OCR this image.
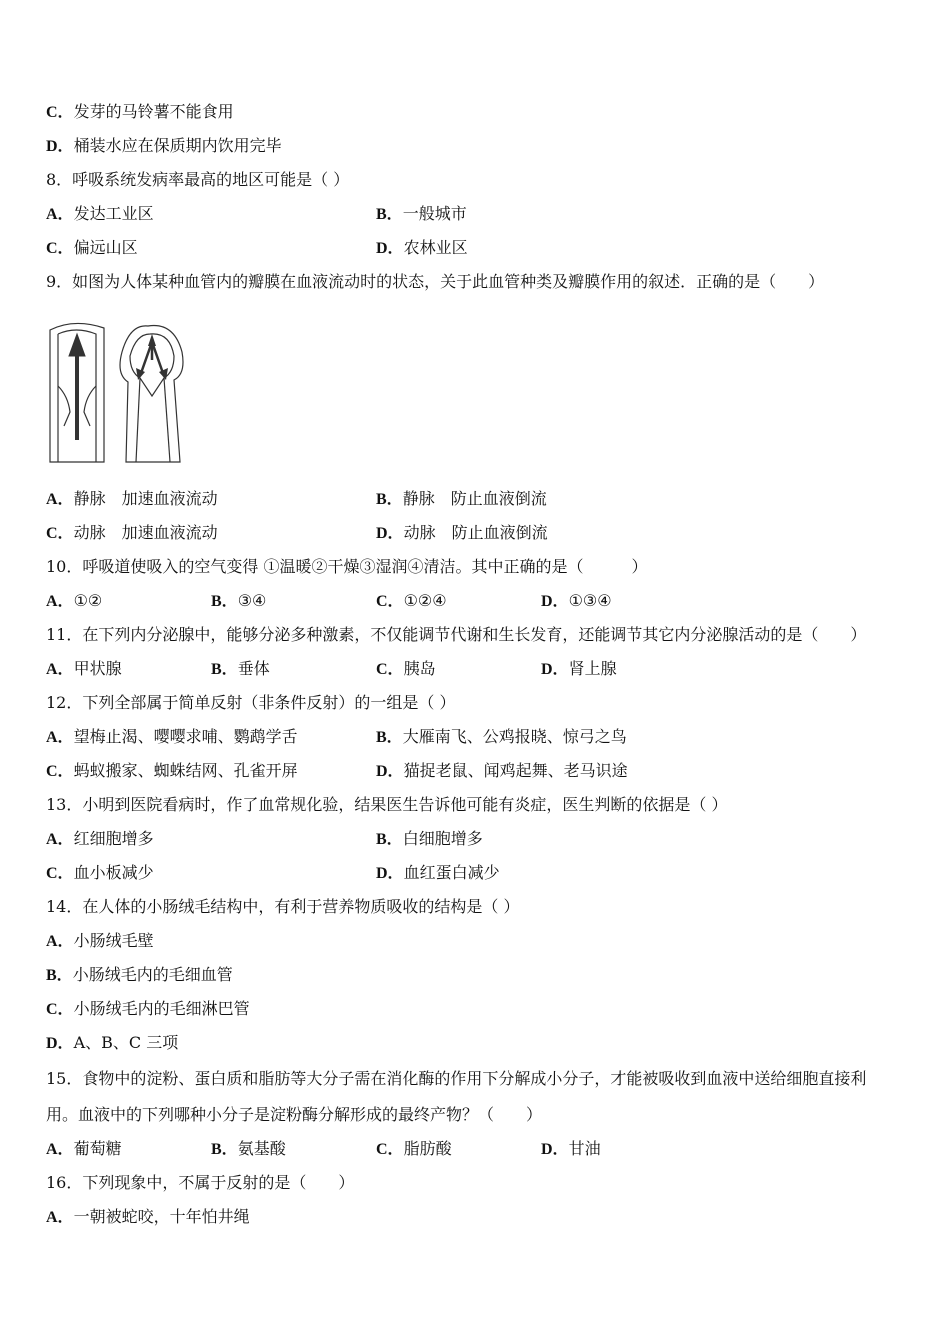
C．发芽的马铃薯不能食用
D．桶装水应在保质期内饮用完毕
8．呼吸系统发病率最高的地区可能是（ ）
A．发达工业区	B．一般城市
C．偏远山区	D．农林业区
9．如图为人体某种血管内的瓣膜在血液流动时的状态，关于此血管种类及瓣膜作用的叙述．正确的是（　　）
A．静脉　加速血液流动	B．静脉　防止血液倒流
C．动脉　加速血液流动	D．动脉　防止血液倒流
10．呼吸道使吸入的空气变得 ①温暖②干燥③湿润④清洁。其中正确的是（　　　）
A．①②	B．③④	C．①②④	D．①③④
11．在下列内分泌腺中，能够分泌多种激素，不仅能调节代谢和生长发育，还能调节其它内分泌腺活动的是（　　）
A．甲状腺	B．垂体	C．胰岛	D．肾上腺
12．下列全部属于简单反射（非条件反射）的一组是（ ）
A．望梅止渴、嘤嘤求哺、鹦鹉学舌	B．大雁南飞、公鸡报晓、惊弓之鸟
C．蚂蚁搬家、蜘蛛结网、孔雀开屏	D．猫捉老鼠、闻鸡起舞、老马识途
13．小明到医院看病时，作了血常规化验，结果医生告诉他可能有炎症，医生判断的依据是（ ）
A．红细胞增多	B．白细胞增多
C．血小板减少	D．血红蛋白减少
14．在人体的小肠绒毛结构中，有利于营养物质吸收的结构是（ ）
A．小肠绒毛壁
B．小肠绒毛内的毛细血管
C．小肠绒毛内的毛细淋巴管
D．A、B、C 三项
15．食物中的淀粉、蛋白质和脂肪等大分子需在消化酶的作用下分解成小分子，才能被吸收到血液中送给细胞直接利
用。血液中的下列哪种小分子是淀粉酶分解形成的最终产物？（　　）
A．葡萄糖	B．氨基酸	C．脂肪酸	D．甘油
16．下列现象中，不属于反射的是（　　）
A．一朝被蛇咬，十年怕井绳
